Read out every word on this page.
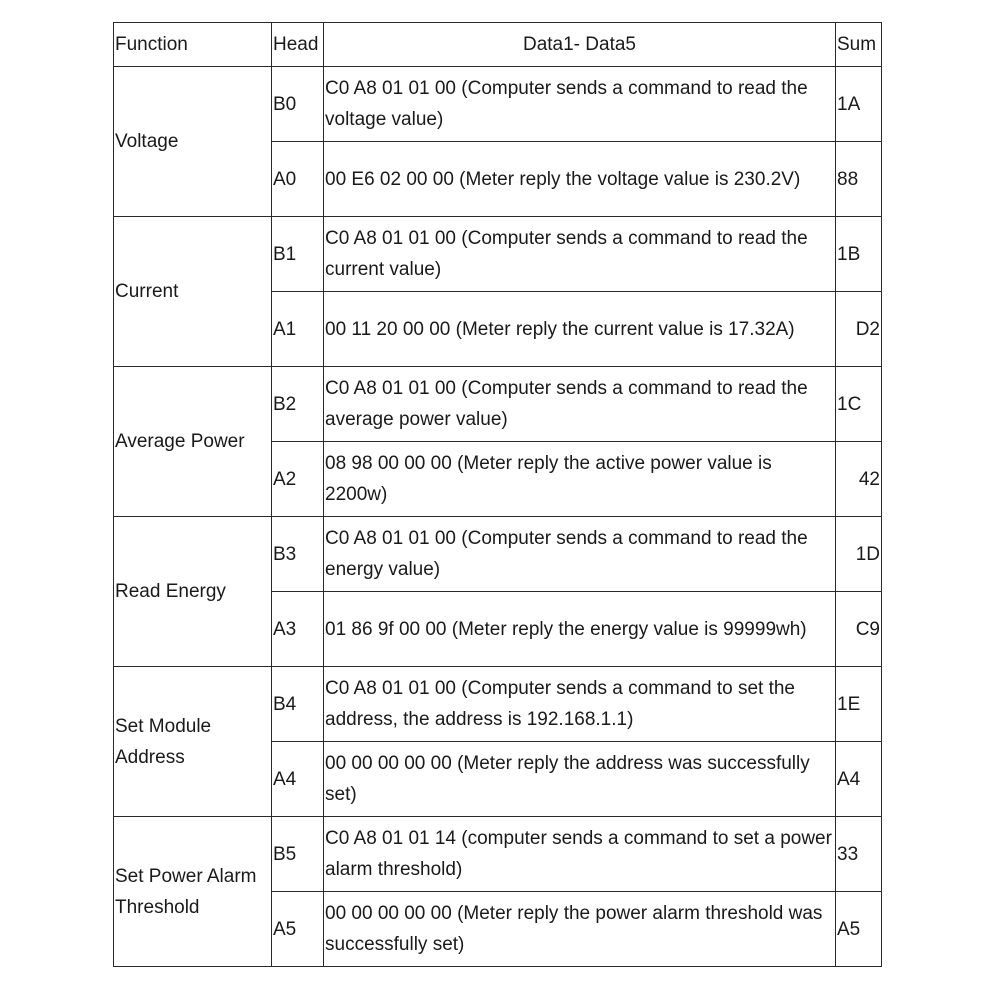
Function	Head	Data1- Data5	Sum
Voltage	B0	C0 A8 01 01 00 (Computer sends a command to read the voltage value)	1A
	A0	00 E6 02 00 00 (Meter reply the voltage value is 230.2V)	88
Current	B1	C0 A8 01 01 00 (Computer sends a command to read the current value)	1B
	A1	00 11 20 00 00 (Meter reply the current value is 17.32A)	D2
Average Power	B2	C0 A8 01 01 00 (Computer sends a command to read the average power value)	1C
	A2	08 98 00 00 00 (Meter reply the active power value is 2200w)	42
Read Energy	B3	C0 A8 01 01 00 (Computer sends a command to read the energy value)	1D
	A3	01 86 9f 00 00 (Meter reply the energy value is 99999wh)	C9
Set Module Address	B4	C0 A8 01 01 00 (Computer sends a command to set the address, the address is 192.168.1.1)	1E
	A4	00 00 00 00 00 (Meter reply the address was successfully set)	A4
Set Power Alarm Threshold	B5	C0 A8 01 01 14 (computer sends a command to set a power alarm threshold)	33
	A5	00 00 00 00 00 (Meter reply the power alarm threshold was successfully set)	A5
